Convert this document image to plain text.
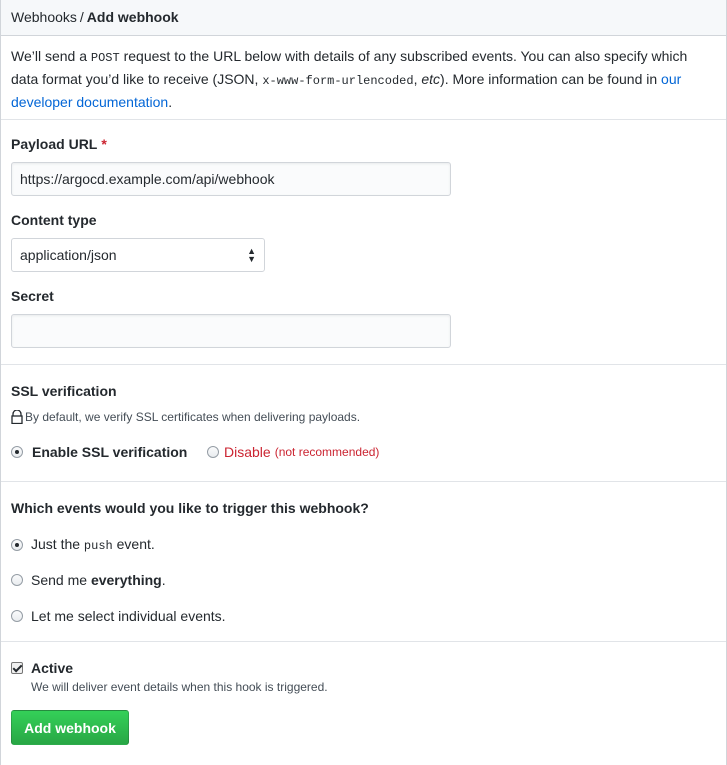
Webhooks / Add webhook
We’ll send a POST request to the URL below with details of any subscribed events. You can also specify which data format you’d like to receive (JSON, x-www-form-urlencoded, etc). More information can be found in our developer documentation.
Payload URL *
https://argocd.example.com/api/webhook
Content type
application/json	▲
▼
Secret
SSL verification
By default, we verify SSL certificates when delivering payloads.
Enable SSL verification	Disable (not recommended)
Which events would you like to trigger this webhook?
Just the push event.
Send me everything.
Let me select individual events.
Active
We will deliver event details when this hook is triggered.
Add webhook
